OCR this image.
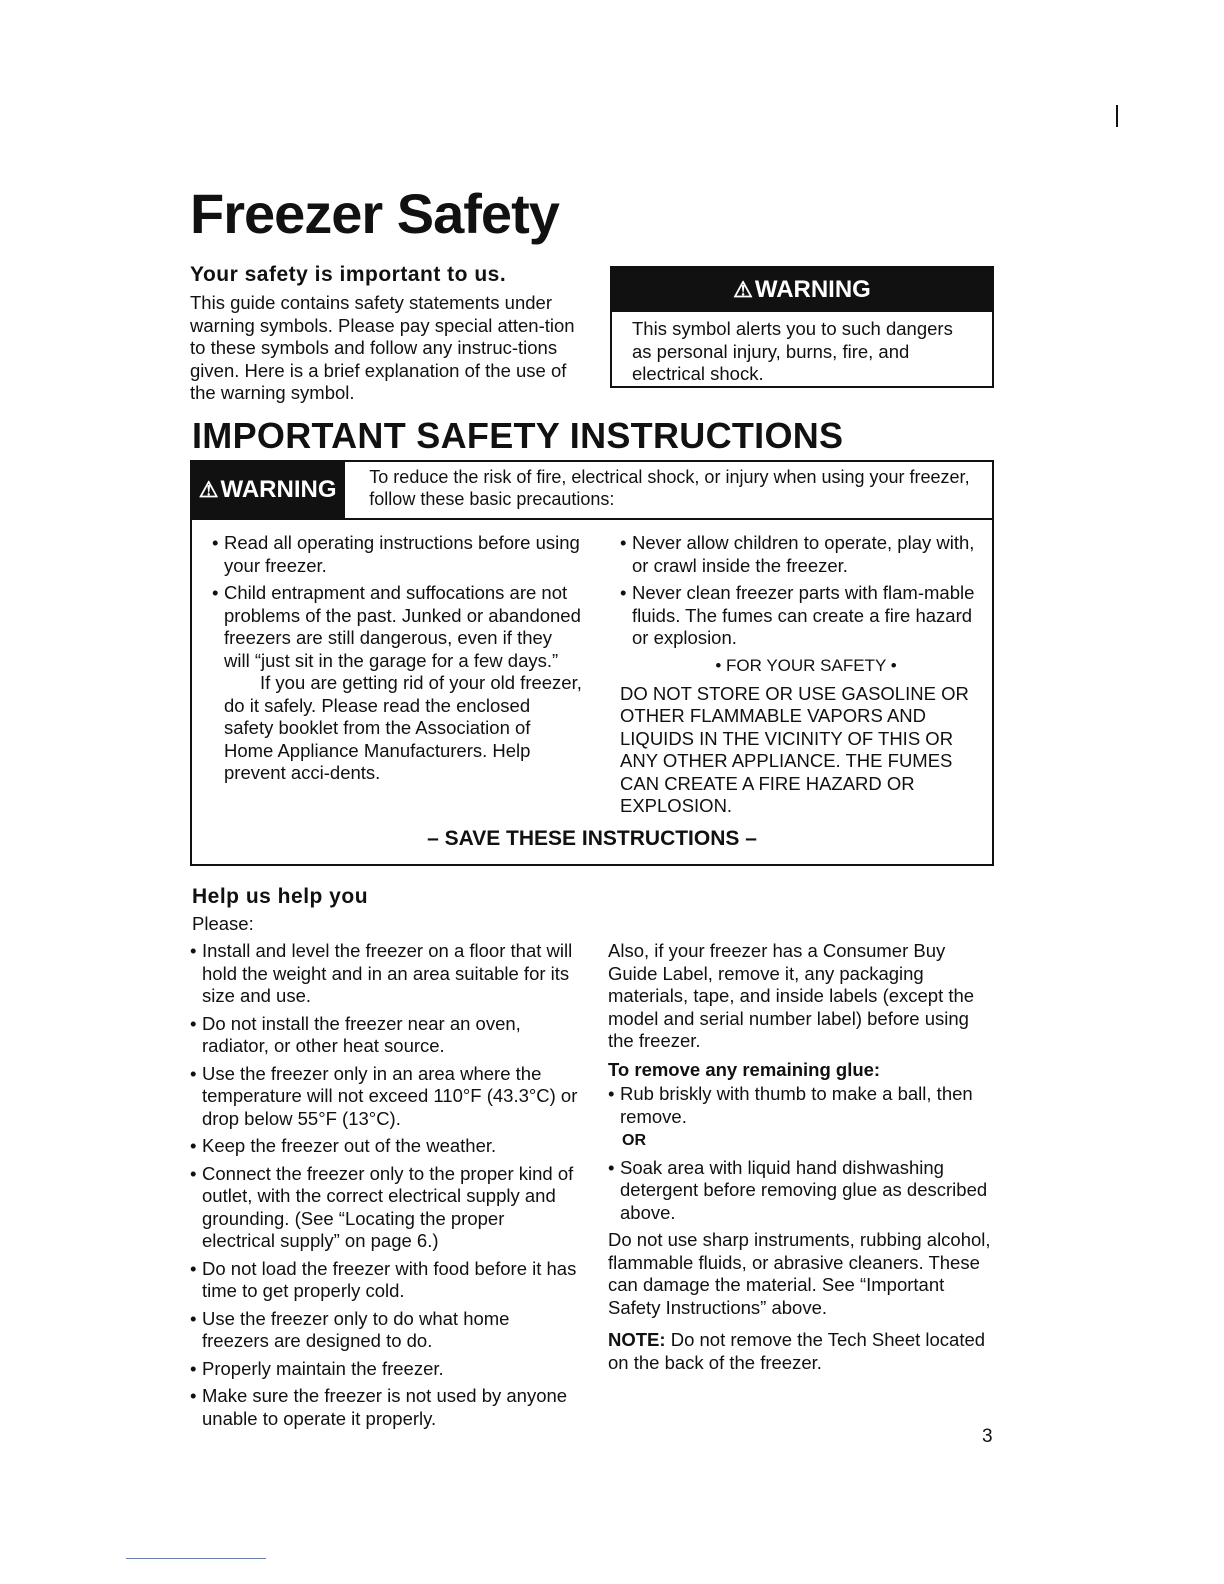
Freezer Safety
Your safety is important to us.

This guide contains safety statements under warning symbols. Please pay special atten-tion to these symbols and follow any instruc-tions given. Here is a brief explanation of the use of the warning symbol.

⚠ WARNING

This symbol alerts you to such dangers as personal injury, burns, fire, and electrical shock.

IMPORTANT SAFETY INSTRUCTIONS
⚠ WARNING	To reduce the risk of fire, electrical shock, or injury when using your freezer, follow these basic precautions:
• Read all operating instructions before using your freezer.
• Child entrapment and suffocations are not problems of the past. Junked or abandoned freezers are still dangerous, even if they will “just sit in the garage for a few days.”

If you are getting rid of your old freezer, do it safely. Please read the enclosed safety booklet from the Association of Home Appliance Manufacturers. Help prevent acci-dents.

• Never allow children to operate, play with, or crawl inside the freezer.
• Never clean freezer parts with flam-mable fluids. The fumes can create a fire hazard or explosion.
• FOR YOUR SAFETY •

DO NOT STORE OR USE GASOLINE OR OTHER FLAMMABLE VAPORS AND LIQUIDS IN THE VICINITY OF THIS OR ANY OTHER APPLIANCE. THE FUMES CAN CREATE A FIRE HAZARD OR EXPLOSION.

– SAVE THESE INSTRUCTIONS –
Help us help you

Please:

• Install and level the freezer on a floor that will hold the weight and in an area suitable for its size and use.
• Do not install the freezer near an oven, radiator, or other heat source.
• Use the freezer only in an area where the temperature will not exceed 110°F (43.3°C) or drop below 55°F (13°C).
• Keep the freezer out of the weather.
• Connect the freezer only to the proper kind of outlet, with the correct electrical supply and grounding. (See “Locating the proper electrical supply” on page 6.)
• Do not load the freezer with food before it has time to get properly cold.
• Use the freezer only to do what home freezers are designed to do.
• Properly maintain the freezer.
• Make sure the freezer is not used by anyone unable to operate it properly.

Also, if your freezer has a Consumer Buy Guide Label, remove it, any packaging materials, tape, and inside labels (except the model and serial number label) before using the freezer.

To remove any remaining glue:

• Rub briskly with thumb to make a ball, then remove.

OR

• Soak area with liquid hand dishwashing detergent before removing glue as described above.

Do not use sharp instruments, rubbing alcohol, flammable fluids, or abrasive cleaners. These can damage the material. See “Important Safety Instructions” above.

NOTE: Do not remove the Tech Sheet located on the back of the freezer.

3
